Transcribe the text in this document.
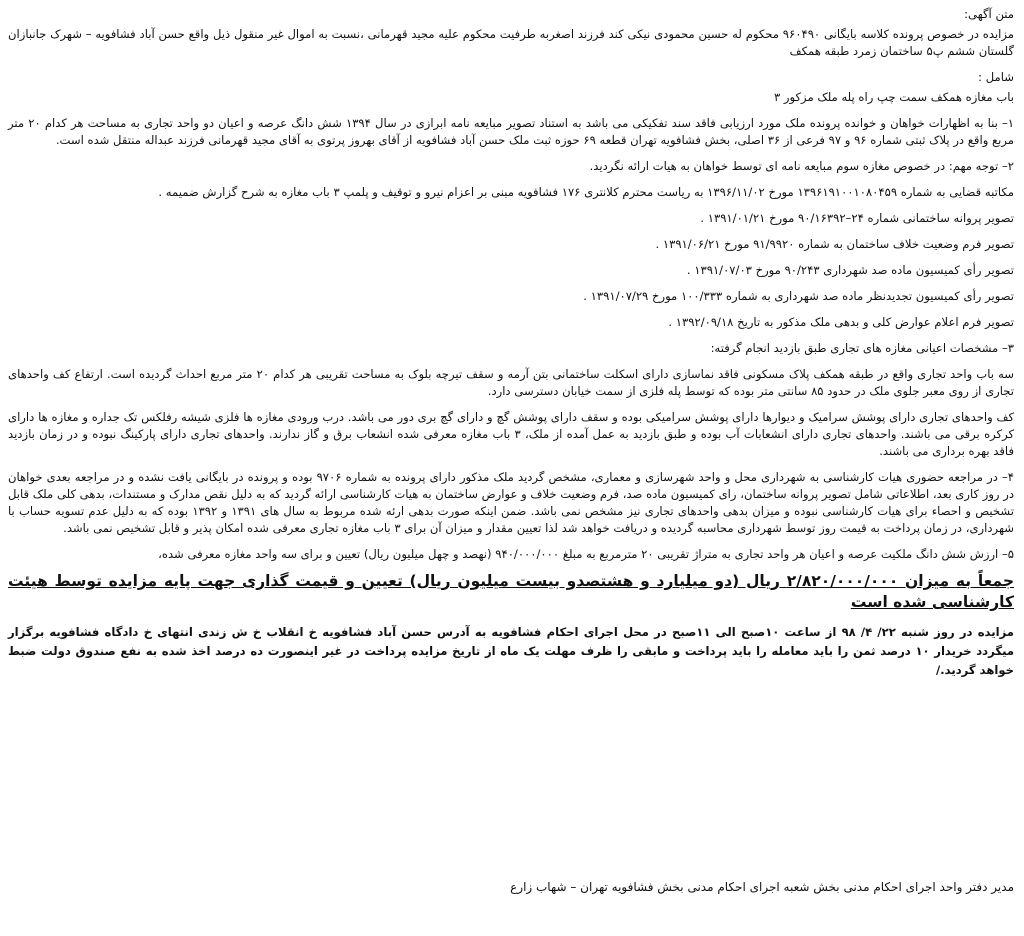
متن آگهی:

مزایده در خصوص پرونده کلاسه بایگانی ۹۶۰۴۹۰ محکوم له حسین محمودی نیکی کند فرزند اصغربه طرفیت محکوم علیه مجید قهرمانی ،نسبت به اموال غیر منقول ذیل واقع حسن آباد فشافویه – شهرک جانبازان گلستان ششم پ۵ ساختمان زمرد طبقه همکف

شامل :

باب مغازه همکف سمت چپ راه پله ملک مزکور ۳

۱– بنا به اظهارات خواهان و خوانده پرونده ملک مورد ارزیابی فاقد سند تفکیکی می باشد به استناد تصویر مبایعه نامه ابرازی در سال ۱۳۹۴ شش دانگ عرصه و اعیان دو واحد تجاری به مساحت هر کدام ۲۰ متر مربع واقع در پلاک ثبتی شماره ۹۶ و ۹۷ فرعی از ۳۶ اصلی، بخش فشافویه تهران قطعه ۶۹ حوزه ثبت ملک حسن آباد فشافویه از آقای بهروز پرتوی به آقای مجید قهرمانی فرزند عبداله منتقل شده است.

۲– توجه مهم: در خصوص مغازه سوم مبایعه نامه ای توسط خواهان به هیات ارائه نگردید.

مکاتبه قضایی به شماره ۱۳۹۶۱۹۱۰۰۱۰۸۰۴۵۹ مورخ ۱۳۹۶/۱۱/۰۲ به ریاست محترم کلانتری ۱۷۶ فشافویه مبنی بر اعزام نیرو و توقیف و پلمپ ۳ باب مغازه به شرح گزارش ضمیمه .

تصویر پروانه ساختمانی شماره ۲۴–۹۰/۱۶۳۹۲ مورخ ۱۳۹۱/۰۱/۲۱ .

تصویر فرم وضعیت خلاف ساختمان به شماره ۹۱/۹۹۲۰ مورخ ۱۳۹۱/۰۶/۲۱ .

تصویر رأی کمیسیون ماده صد شهرداری ۹۰/۲۴۳ مورخ ۱۳۹۱/۰۷/۰۳ .

تصویر رأی کمیسیون تجدیدنظر ماده صد شهرداری به شماره ۱۰۰/۳۳۳ مورخ ۱۳۹۱/۰۷/۲۹ .

تصویر فرم اعلام عوارض کلی و بدهی ملک مذکور به تاریخ ۱۳۹۲/۰۹/۱۸ .

۳– مشخصات اعیانی مغازه های تجاری طبق بازدید انجام گرفته:

سه باب واحد تجاری واقع در طبقه همکف پلاک مسکونی فاقد نماسازی دارای اسکلت ساختمانی بتن آرمه و سقف تیرچه بلوک به مساحت تقریبی هر کدام ۲۰ متر مربع احداث گردیده است. ارتفاع کف واحدهای تجاری از روی معبر جلوی ملک در حدود ۸۵ سانتی متر بوده که توسط پله فلزی از سمت خیابان دسترسی دارد.

کف واحدهای تجاری دارای پوشش سرامیک و دیوارها دارای پوشش سرامیکی بوده و سقف دارای پوشش گچ و دارای گچ بری دور می باشد. درب ورودی مغازه ها فلزی شیشه رفلکس تک جداره و مغازه ها دارای کرکره برقی می باشند. واحدهای تجاری دارای انشعابات آب بوده و طبق بازدید به عمل آمده از ملک، ۳ باب مغازه معرفی شده انشعاب برق و گاز ندارند. واحدهای تجاری دارای پارکینگ نبوده و در زمان بازدید فاقد بهره برداری می باشند.

۴– در مراجعه حضوری هیات کارشناسی به شهرداری محل و واحد شهرسازی و معماری، مشخص گردید ملک مذکور دارای پرونده به شماره ۹۷۰۶ بوده و پرونده در بایگانی یافت نشده و در مراجعه بعدی خواهان در روز کاری بعد، اطلاعاتی شامل تصویر پروانه ساختمان، رای کمیسیون ماده صد، فرم وضعیت خلاف و عوارض ساختمان به هیات کارشناسی ارائه گردید که به دلیل نقص مدارک و مستندات، بدهی کلی ملک قابل تشخیص و احصاء برای هیات کارشناسی نبوده و میزان بدهی واحدهای تجاری نیز مشخص نمی باشد. ضمن اینکه صورت بدهی ارئه شده مربوط به سال های ۱۳۹۱ و ۱۳۹۲ بوده که به دلیل عدم تسویه حساب با شهرداری، در زمان پرداخت به قیمت روز توسط شهرداری محاسبه گردیده و دریافت خواهد شد لذا تعیین مقدار و میزان آن برای ۳ باب مغازه تجاری معرفی شده امکان پذیر و قابل تشخیص نمی باشد.

۵– ارزش شش دانگ ملکیت عرصه و اعیان هر واحد تجاری به متراژ تقریبی ۲۰ مترمربع به مبلغ ۹۴۰/۰۰۰/۰۰۰ (نهصد و چهل میلیون ریال) تعیین و برای سه واحد مغازه معرفی شده،

جمعاً به میزان ۲/۸۲۰/۰۰۰/۰۰۰ ریال (دو میلیارد و هشتصدو بیست میلیون ریال) تعیین و قیمت گذاری جهت پایه مزایده توسط هیئت کارشناسی شده است

مزایده در روز شنبه ۲۲/ ۴/ ۹۸ از ساعت ۱۰صبح الی ۱۱صبح در محل اجرای احکام فشافویه به آدرس حسن آباد فشافویه خ انقلاب خ ش زندی انتهای خ دادگاه فشافویه برگزار میگردد خریدار ۱۰ درصد ثمن را باید معامله را باید پرداخت و مابقی را ظرف مهلت یک ماه از تاریخ مزایده پرداخت در غیر اینصورت ده درصد اخذ شده به نفع صندوق دولت ضبط خواهد گردید./

مدیر دفتر واحد اجرای احکام مدنی بخش شعبه اجرای احکام مدنی بخش فشافویه تهران – شهاب زارع
